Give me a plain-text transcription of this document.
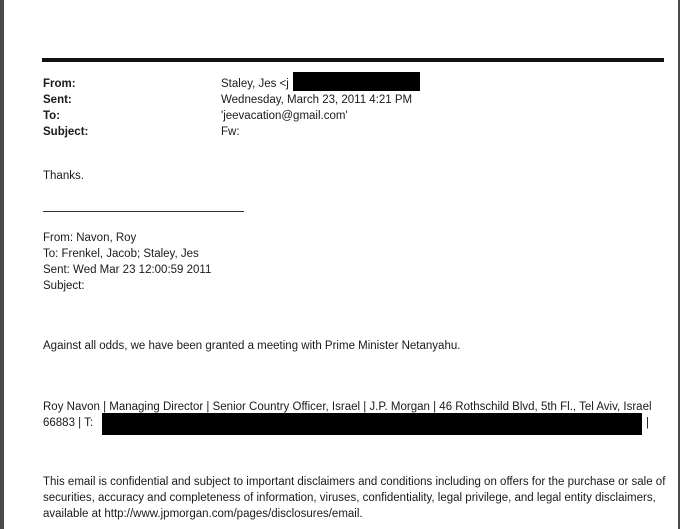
From:	Staley, Jes <j
Sent:	Wednesday, March 23, 2011 4:21 PM
To:	'jeevacation@gmail.com'
Subject:	Fw:
Thanks.
From: Navon, Roy
To: Frenkel, Jacob; Staley, Jes
Sent: Wed Mar 23 12:00:59 2011
Subject:
Against all odds, we have been granted a meeting with Prime Minister Netanyahu.
Roy Navon | Managing Director | Senior Country Officer, Israel | J.P. Morgan | 46 Rothschild Blvd, 5th Fl., Tel Aviv, Israel
66883 | T:	|
This email is confidential and subject to important disclaimers and conditions including on offers for the purchase or sale of securities, accuracy and completeness of information, viruses, confidentiality, legal privilege, and legal entity disclaimers, available at http://www.jpmorgan.com/pages/disclosures/email.
